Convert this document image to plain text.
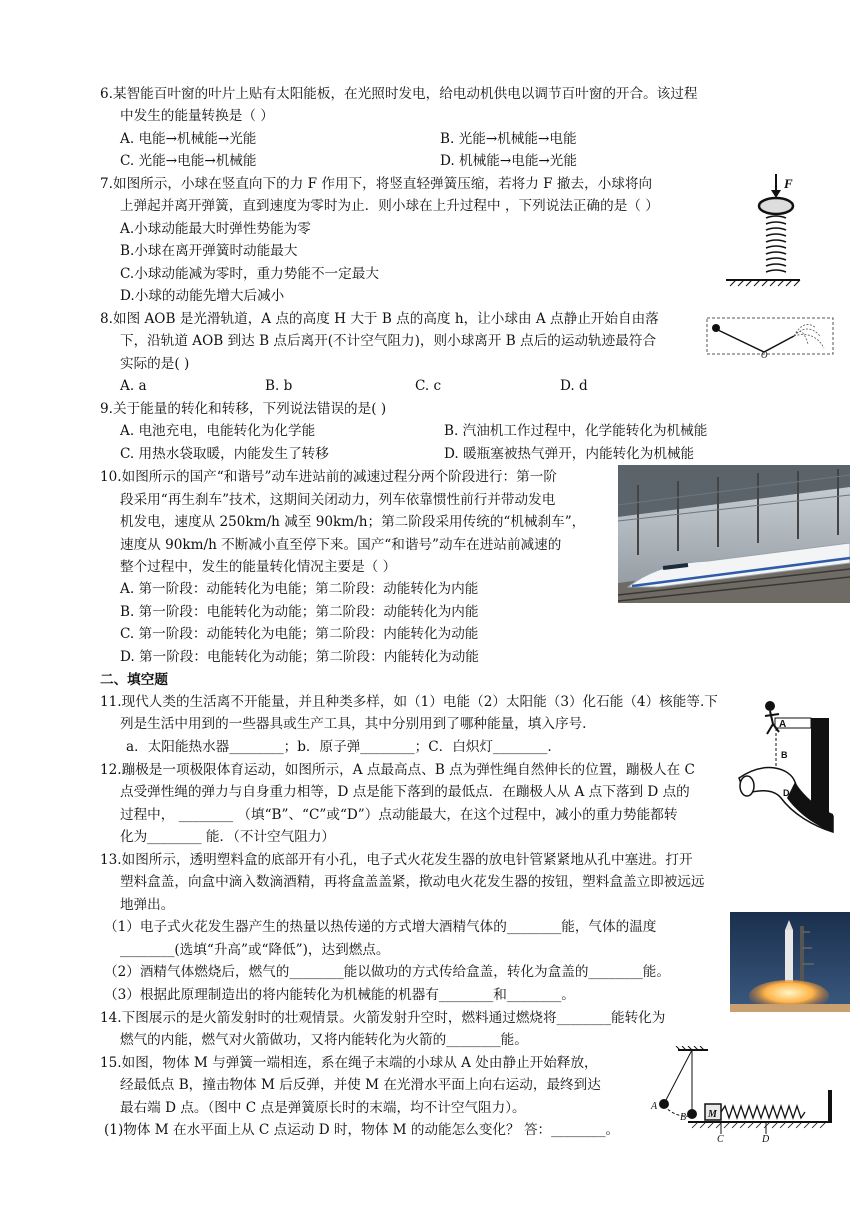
6.某智能百叶窗的叶片上贴有太阳能板，在光照时发电，给电动机供电以调节百叶窗的开合。该过程
中发生的能量转换是（ ）
A. 电能→机械能→光能	B. 光能→机械能→电能
C. 光能→电能→机械能	D. 机械能→电能→光能
7.如图所示，小球在竖直向下的力 F 作用下，将竖直轻弹簧压缩，若将力 F 撤去，小球将向
上弹起并离开弹簧，直到速度为零时为止．则小球在上升过程中 ，下列说法正确的是（ ）
A.小球动能最大时弹性势能为零
B.小球在离开弹簧时动能最大
C.小球动能减为零时，重力势能不一定最大
D.小球的动能先增大后减小
F
8.如图 AOB 是光滑轨道，A 点的高度 H 大于 B 点的高度 h，让小球由 A 点静止开始自由落
下，沿轨道 AOB 到达 B 点后离开(不计空气阻力)，则小球离开 B 点后的运动轨迹最符合
实际的是( )
A. a	B. b	C. c	D. d
O
9.关于能量的转化和转移，下列说法错误的是( )
A. 电池充电，电能转化为化学能	B. 汽油机工作过程中，化学能转化为机械能
C. 用热水袋取暖，内能发生了转移	D. 暖瓶塞被热气弹开，内能转化为机械能
10.如图所示的国产“和谐号”动车进站前的减速过程分两个阶段进行：第一阶
段采用“再生刹车”技术，这期间关闭动力，列车依靠惯性前行并带动发电
机发电，速度从 250km/h 减至 90km/h；第二阶段采用传统的“机械刹车”，
速度从 90km/h 不断减小直至停下来。国产“和谐号”动车在进站前减速的
整个过程中，发生的能量转化情况主要是（ ）
A. 第一阶段：动能转化为电能；第二阶段：动能转化为内能
B. 第一阶段：电能转化为动能；第二阶段：动能转化为内能
C. 第一阶段：动能转化为电能；第二阶段：内能转化为动能
D. 第一阶段：电能转化为动能；第二阶段：内能转化为动能
二、填空题
11.现代人类的生活离不开能量，并且种类多样，如（1）电能（2）太阳能（3）化石能（4）核能等.下
列是生活中用到的一些器具或生产工具，其中分别用到了哪种能量，填入序号.
a．太阳能热水器________；b．原子弹________；C．白炽灯________.
12.蹦极是一项极限体育运动，如图所示，A 点最高点、B 点为弹性绳自然伸长的位置，蹦极人在 C
点受弹性绳的弹力与自身重力相等，D 点是能下落到的最低点．在蹦极人从 A 点下落到 D 点的
过程中， ________ （填“B”、“C”或“D”）点动能最大，在这个过程中，减小的重力势能都转
化为________ 能．（不计空气阻力）
A
B
D
13.如图所示，透明塑料盒的底部开有小孔，电子式火花发生器的放电针管紧紧地从孔中塞进。打开
塑料盒盖，向盒中滴入数滴酒精，再将盒盖盖紧，揿动电火花发生器的按钮，塑料盒盖立即被远远
地弹出。
（1）电子式火花发生器产生的热量以热传递的方式增大酒精气体的________能，气体的温度
________(选填“升高”或“降低”)，达到燃点。
（2）酒精气体燃烧后，燃气的________能以做功的方式传给盒盖，转化为盒盖的________能。
（3）根据此原理制造出的将内能转化为机械能的机器有________和________。
14.下图展示的是火箭发射时的壮观情景。火箭发射升空时，燃料通过燃烧将________能转化为
燃气的内能，燃气对火箭做功，又将内能转化为火箭的________能。
15.如图，物体 M 与弹簧一端相连，系在绳子末端的小球从 A 处由静止开始释放，
经最低点 B，撞击物体 M 后反弹，并使 M 在光滑水平面上向右运动，最终到达
最右端 D 点。（图中 C 点是弹簧原长时的末端，均不计空气阻力）。
(1)物体 M 在水平面上从 C 点运动 D 时，物体 M 的动能怎么变化？ 答：________。
A
B M
C	D
